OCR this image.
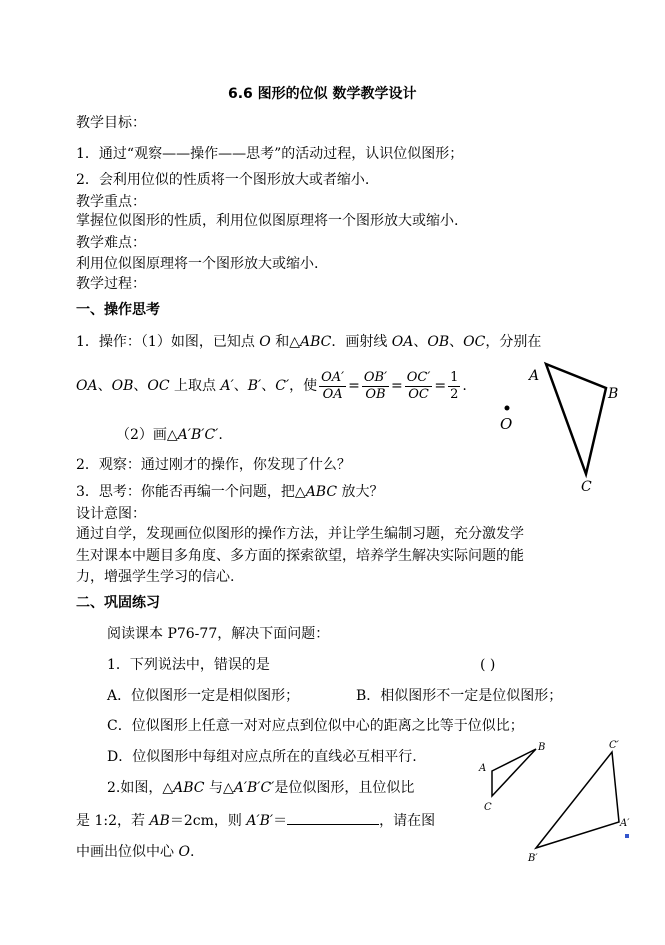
6.6 图形的位似 数学教学设计
教学目标：
1．通过“观察——操作——思考”的活动过程，认识位似图形；
2．会利用位似的性质将一个图形放大或者缩小.
教学重点：
掌握位似图形的性质，利用位似图原理将一个图形放大或缩小.
教学难点：
利用位似图原理将一个图形放大或缩小.
教学过程：
一、操作思考
1．操作：（1）如图，已知点 O 和△ABC．画射线 OA、OB、OC，分别在
OA、OB、OC 上取点 A′、B′、C′，使 $\frac{OA'}{OA} = \frac{OB'}{OB} = \frac{OC'}{OC} = \frac{1}{2}$ .
（2）画△A′B′C′.
2．观察：通过刚才的操作，你发现了什么？
3．思考：你能否再编一个问题，把△ABC 放大？
设计意图：
通过自学，发现画位似图形的操作方法，并让学生编制习题，充分激发学
生对课本中题目多角度、多方面的探索欲望，培养学生解决实际问题的能
力，增强学生学习的信心.
二、巩固练习
阅读课本 P76-77，解决下面问题：
1．下列说法中，错误的是	( )
A．位似图形一定是相似图形；	B．相似图形不一定是位似图形；
C．位似图形上任意一对对应点到位似中心的距离之比等于位似比；
D．位似图形中每组对应点所在的直线必互相平行.
2.如图，△ABC 与△A′B′C′是位似图形，且位似比
是 1:2，若 AB＝2cm，则 A′B′＝	，请在图
中画出位似中心 O.
A
B
C
O
A
B
C
C′
A′
B′
